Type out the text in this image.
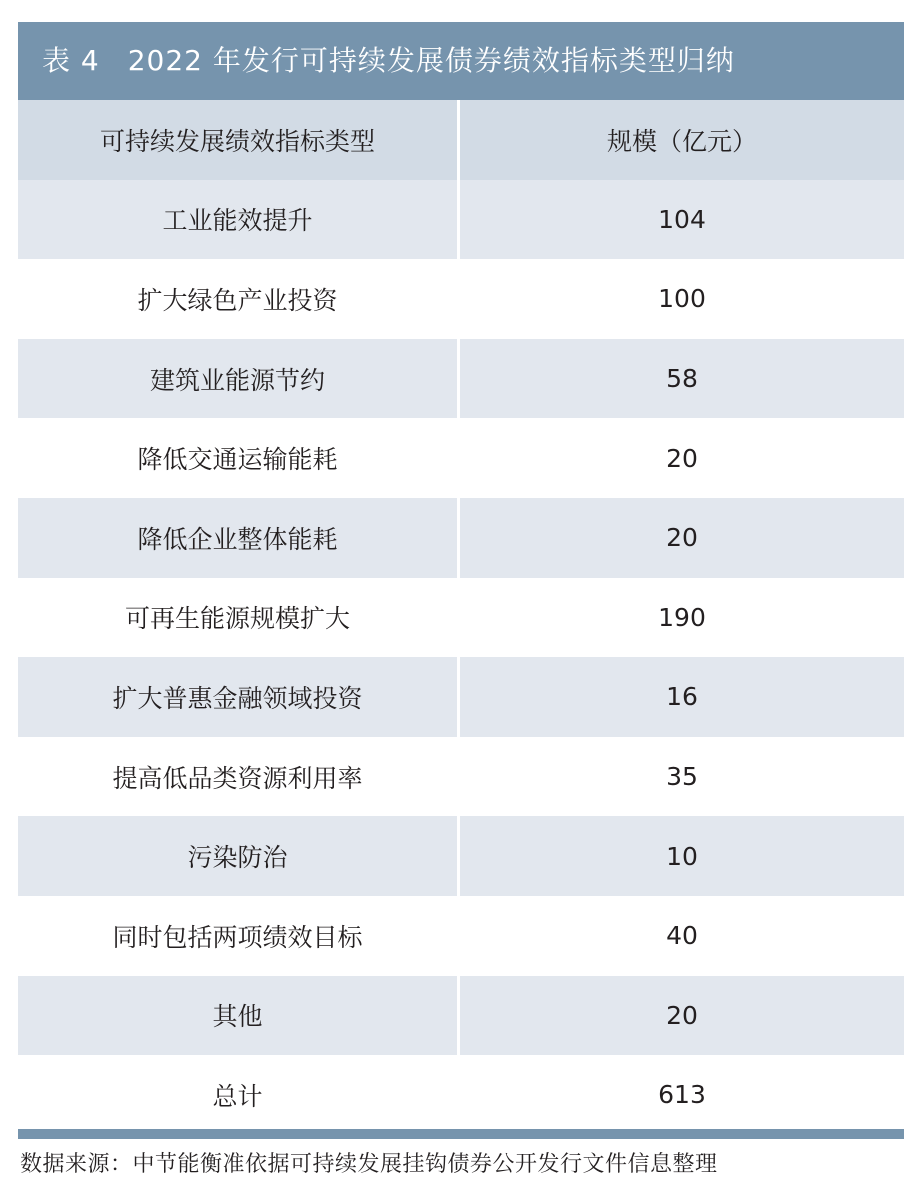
表 4 2022 年发行可持续发展债券绩效指标类型归纳
可持续发展绩效指标类型	规模（亿元）
工业能效提升	104
扩大绿色产业投资	100
建筑业能源节约	58
降低交通运输能耗	20
降低企业整体能耗	20
可再生能源规模扩大	190
扩大普惠金融领域投资	16
提高低品类资源利用率	35
污染防治	10
同时包括两项绩效目标	40
其他	20
总计	613
数据来源：中节能衡准依据可持续发展挂钩债券公开发行文件信息整理
